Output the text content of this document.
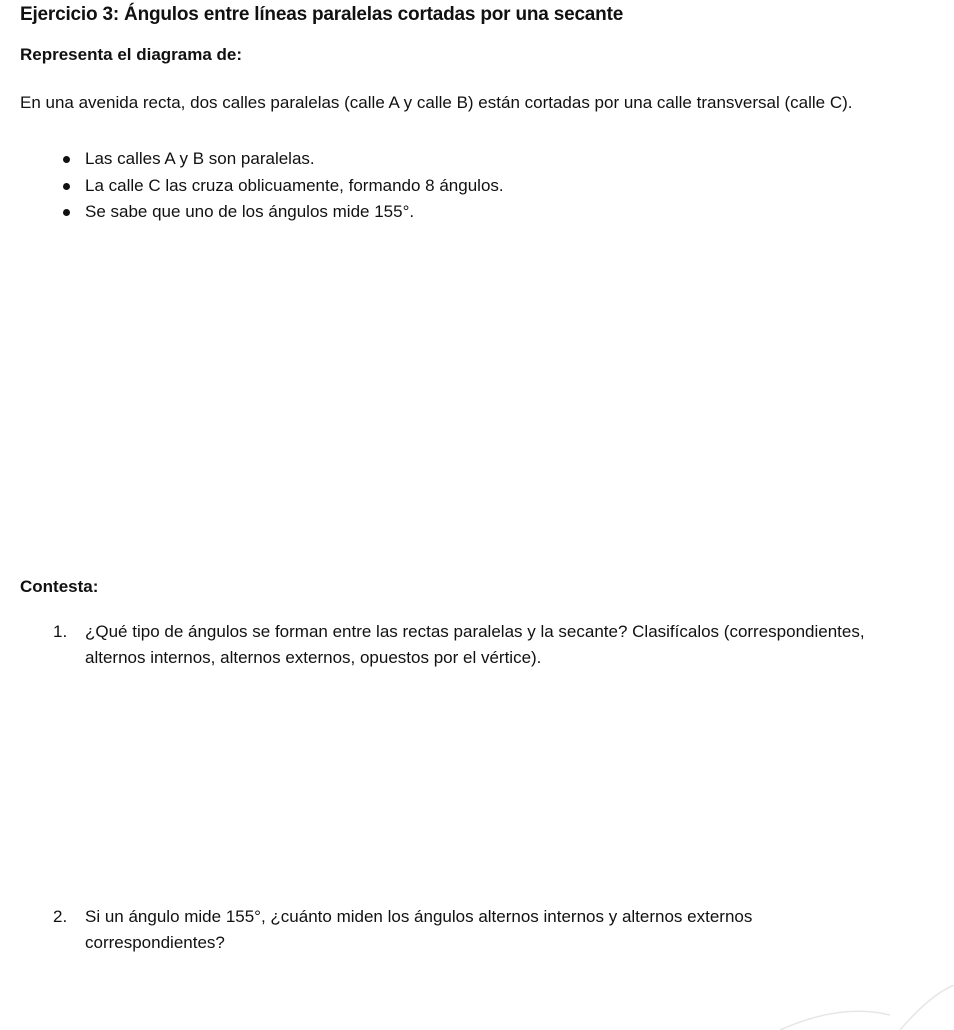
Ejercicio 3: Ángulos entre líneas paralelas cortadas por una secante
Representa el diagrama de:
En una avenida recta, dos calles paralelas (calle A y calle B) están cortadas por una calle transversal (calle C).
Las calles A y B son paralelas.
La calle C las cruza oblicuamente, formando 8 ángulos.
Se sabe que uno de los ángulos mide 155°.
Contesta:
1. ¿Qué tipo de ángulos se forman entre las rectas paralelas y la secante? Clasifícalos (correspondientes, alternos internos, alternos externos, opuestos por el vértice).
2. Si un ángulo mide 155°, ¿cuánto miden los ángulos alternos internos y alternos externos correspondientes?
